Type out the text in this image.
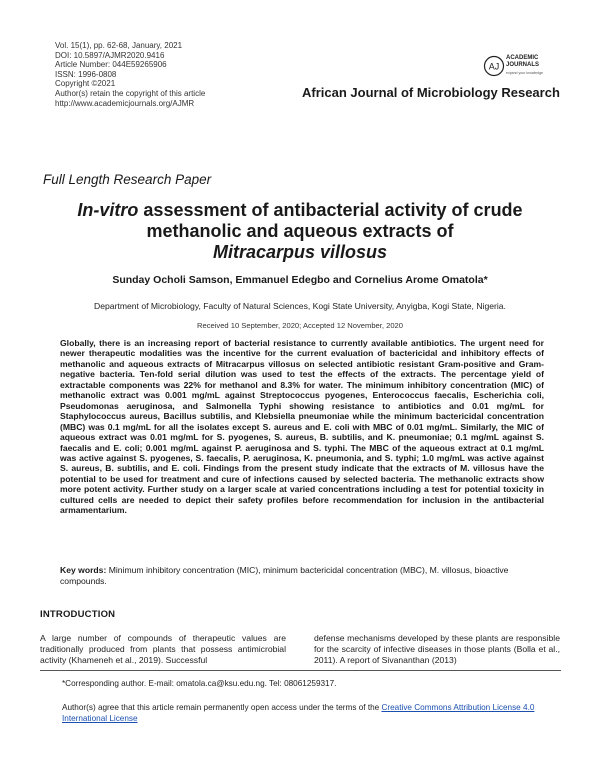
Vol. 15(1), pp. 62-68, January, 2021
DOI: 10.5897/AJMR2020.9416
Article Number: 044E59265906
ISSN: 1996-0808
Copyright ©2021
Author(s) retain the copyright of this article
http://www.academicjournals.org/AJMR
AJ
ACADEMIC
JOURNALS
expand your knowledge
African Journal of Microbiology Research
Full Length Research Paper
In-vitro assessment of antibacterial activity of crude methanolic and aqueous extracts of
Mitracarpus villosus
Sunday Ocholi Samson, Emmanuel Edegbo and Cornelius Arome Omatola*
Department of Microbiology, Faculty of Natural Sciences, Kogi State University, Anyigba, Kogi State, Nigeria.
Received 10 September, 2020; Accepted 12 November, 2020
Globally, there is an increasing report of bacterial resistance to currently available antibiotics. The urgent need for newer therapeutic modalities was the incentive for the current evaluation of bactericidal and inhibitory effects of methanolic and aqueous extracts of Mitracarpus villosus on selected antibiotic resistant Gram-positive and Gram-negative bacteria. Ten-fold serial dilution was used to test the effects of the extracts. The percentage yield of extractable components was 22% for methanol and 8.3% for water. The minimum inhibitory concentration (MIC) of methanolic extract was 0.001 mg/mL against Streptococcus pyogenes, Enterococcus faecalis, Escherichia coli, Pseudomonas aeruginosa, and Salmonella Typhi showing resistance to antibiotics and 0.01 mg/mL for Staphylococcus aureus, Bacillus subtilis, and Klebsiella pneumoniae while the minimum bactericidal concentration (MBC) was 0.1 mg/mL for all the isolates except S. aureus and E. coli with MBC of 0.01 mg/mL. Similarly, the MIC of aqueous extract was 0.01 mg/mL for S. pyogenes, S. aureus, B. subtilis, and K. pneumoniae; 0.1 mg/mL against S. faecalis and E. coli; 0.001 mg/mL against P. aeruginosa and S. typhi. The MBC of the aqueous extract at 0.1 mg/mL was active against S. pyogenes, S. faecalis, P. aeruginosa, K. pneumonia, and S. typhi; 1.0 mg/mL was active against S. aureus, B. subtilis, and E. coli. Findings from the present study indicate that the extracts of M. villosus have the potential to be used for treatment and cure of infections caused by selected bacteria. The methanolic extracts show more potent activity. Further study on a larger scale at varied concentrations including a test for potential toxicity in cultured cells are needed to depict their safety profiles before recommendation for inclusion in the antibacterial armamentarium.
Key words: Minimum inhibitory concentration (MIC), minimum bactericidal concentration (MBC), M. villosus, bioactive compounds.
INTRODUCTION
A large number of compounds of therapeutic values are traditionally produced from plants that possess antimicrobial activity (Khameneh et al., 2019). Successful
defense mechanisms developed by these plants are responsible for the scarcity of infective diseases in those plants (Bolla et al., 2011). A report of Sivananthan (2013)
*Corresponding author. E-mail: omatola.ca@ksu.edu.ng. Tel: 08061259317.
Author(s) agree that this article remain permanently open access under the terms of the Creative Commons Attribution License 4.0 International License
